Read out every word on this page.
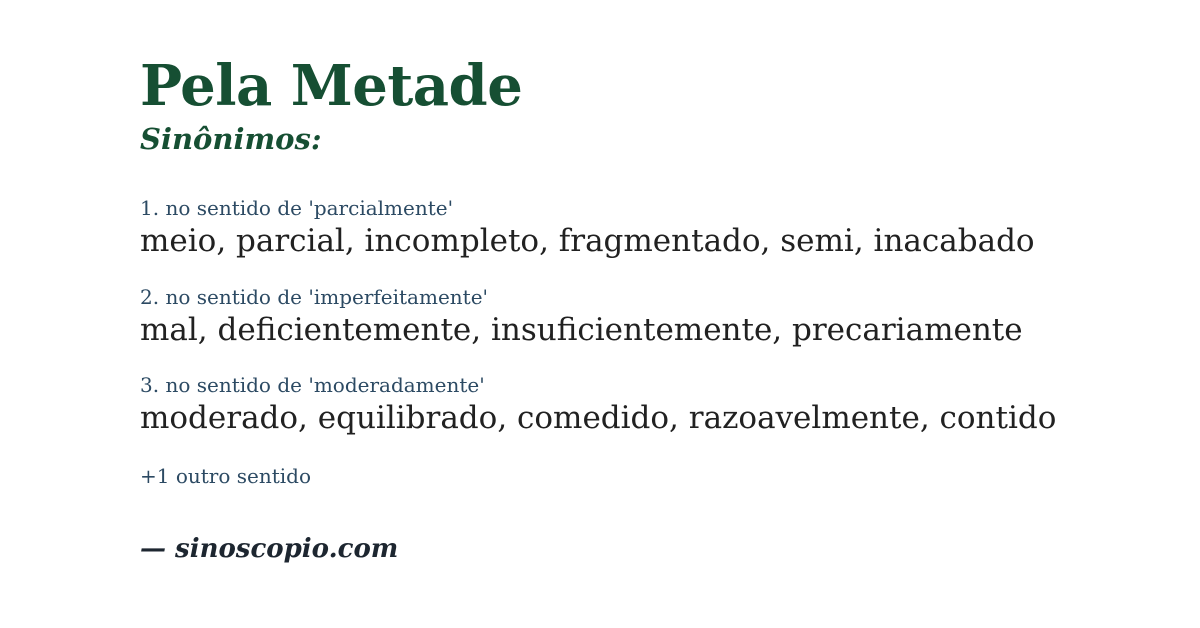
Pela Metade
Sinônimos:
1. no sentido de 'parcialmente'
meio, parcial, incompleto, fragmentado, semi, inacabado
2. no sentido de 'imperfeitamente'
mal, deficientemente, insuficientemente, precariamente
3. no sentido de 'moderadamente'
moderado, equilibrado, comedido, razoavelmente, contido
+1 outro sentido
— sinoscopio.com
